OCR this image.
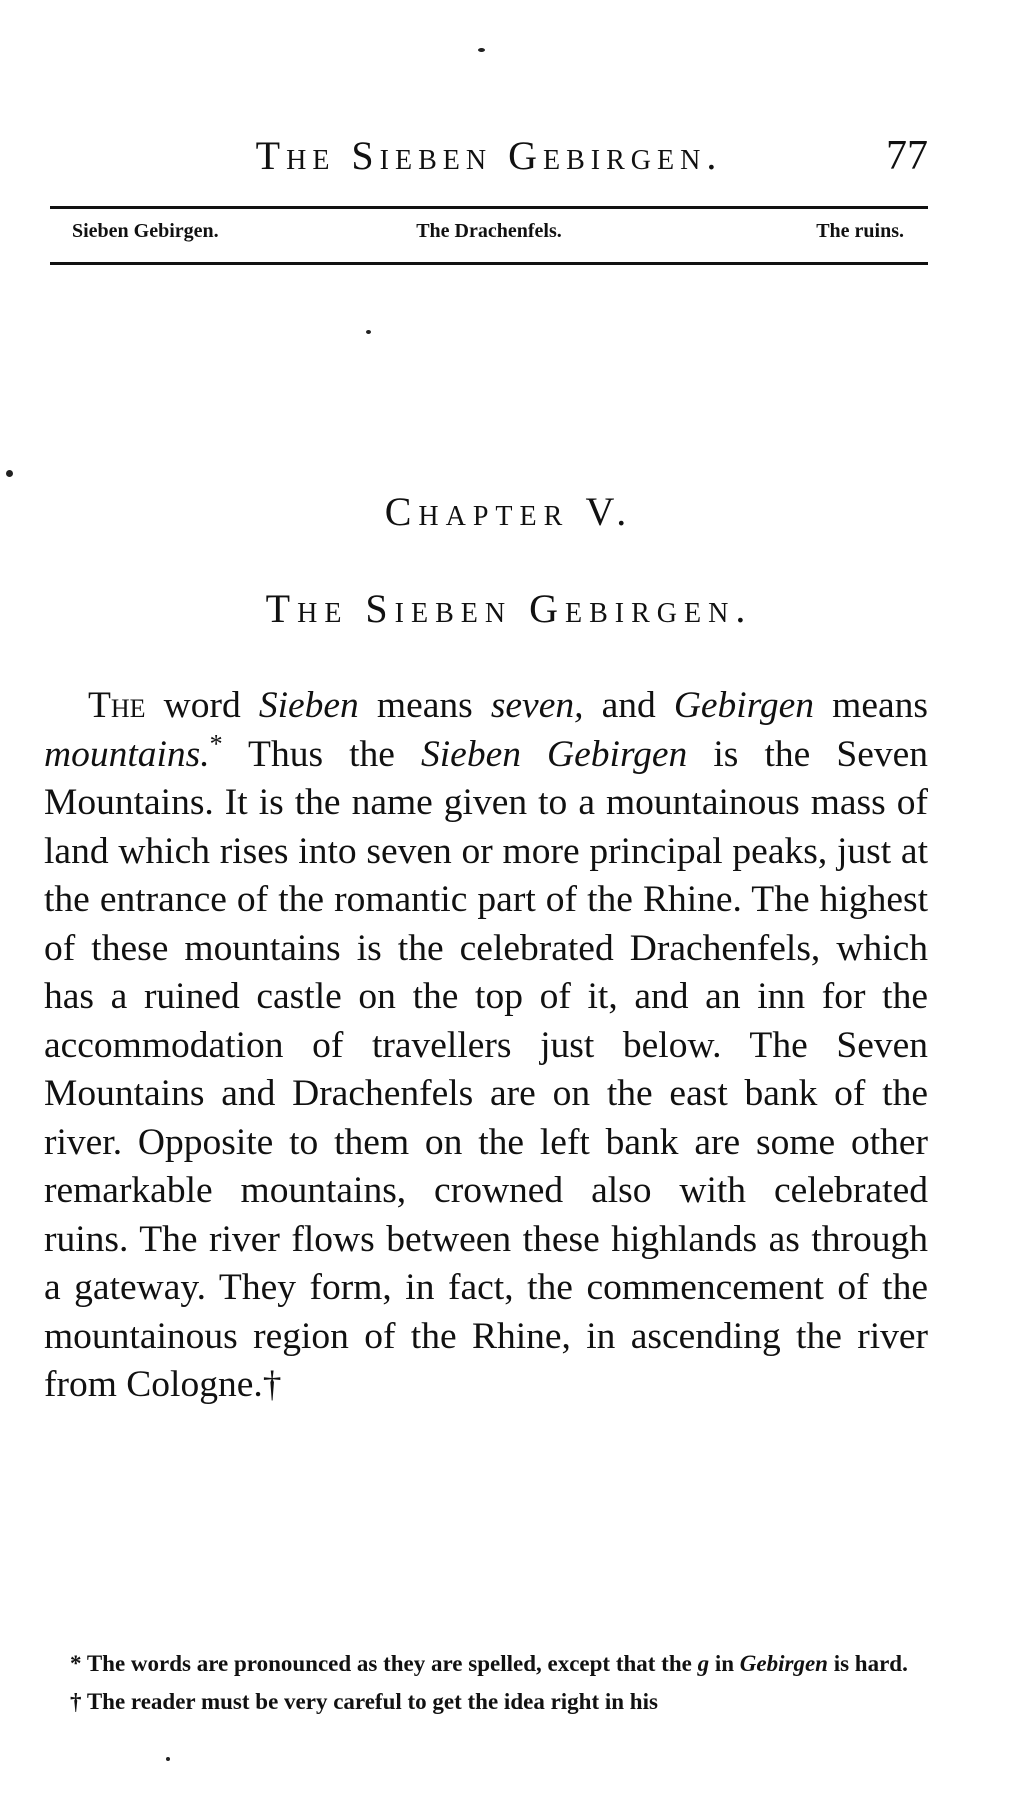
The Sieben Gebirgen.	77
Sieben Gebirgen.	The Drachenfels.	The ruins.
Chapter V.
The Sieben Gebirgen.
The word Sieben means seven, and Gebirgen means mountains.* Thus the Sieben Gebirgen is the Seven Mountains. It is the name given to a mountainous mass of land which rises into seven or more principal peaks, just at the entrance of the romantic part of the Rhine. The highest of these mountains is the celebrated Drachenfels, which has a ruined castle on the top of it, and an inn for the accommodation of travellers just below. The Seven Mountains and Drachenfels are on the east bank of the river. Opposite to them on the left bank are some other remarkable mountains, crowned also with celebrated ruins. The river flows between these highlands as through a gateway. They form, in fact, the commencement of the mountainous region of the Rhine, in ascending the river from Cologne.†

* The words are pronounced as they are spelled, except that the g in Gebirgen is hard.

† The reader must be very careful to get the idea right in his
